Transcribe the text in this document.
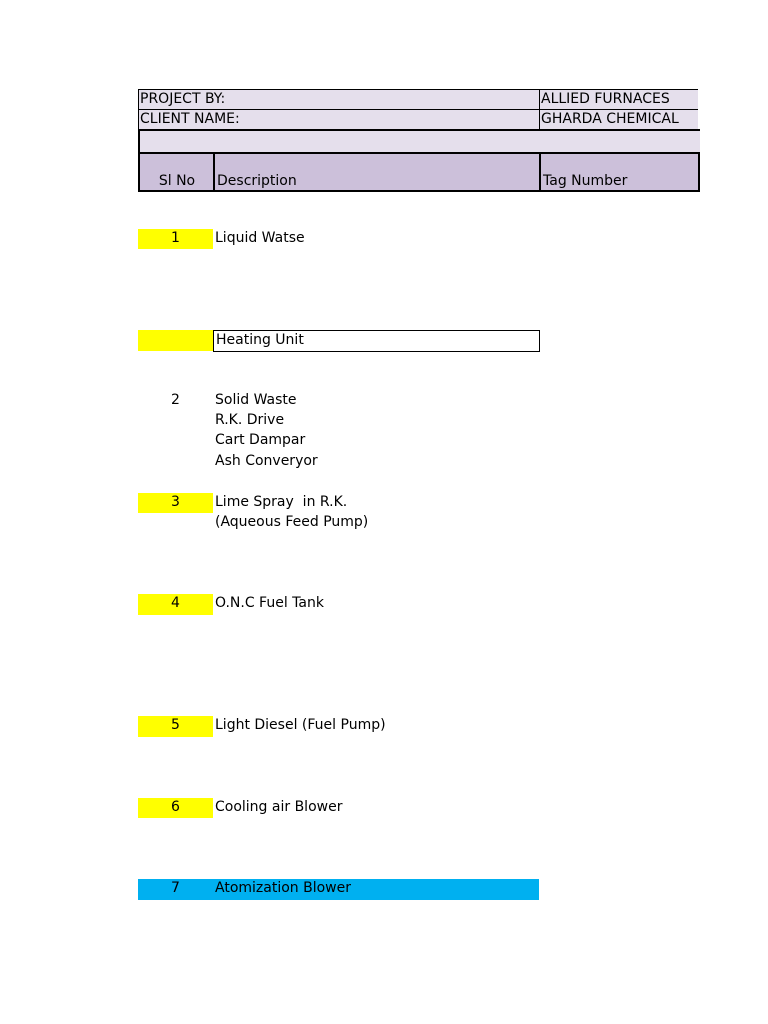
PROJECT BY:	ALLIED FURNACES
CLIENT NAME:	GHARDA CHEMICAL
Sl No	Description	Tag Number
1	Liquid Watse
Heating Unit
2	Solid Waste
R.K. Drive
Cart Dampar
Ash Converyor
3	Lime Spray  in R.K.
(Aqueous Feed Pump)
4	O.N.C Fuel Tank
5	Light Diesel (Fuel Pump)
6	Cooling air Blower
7	Atomization Blower
